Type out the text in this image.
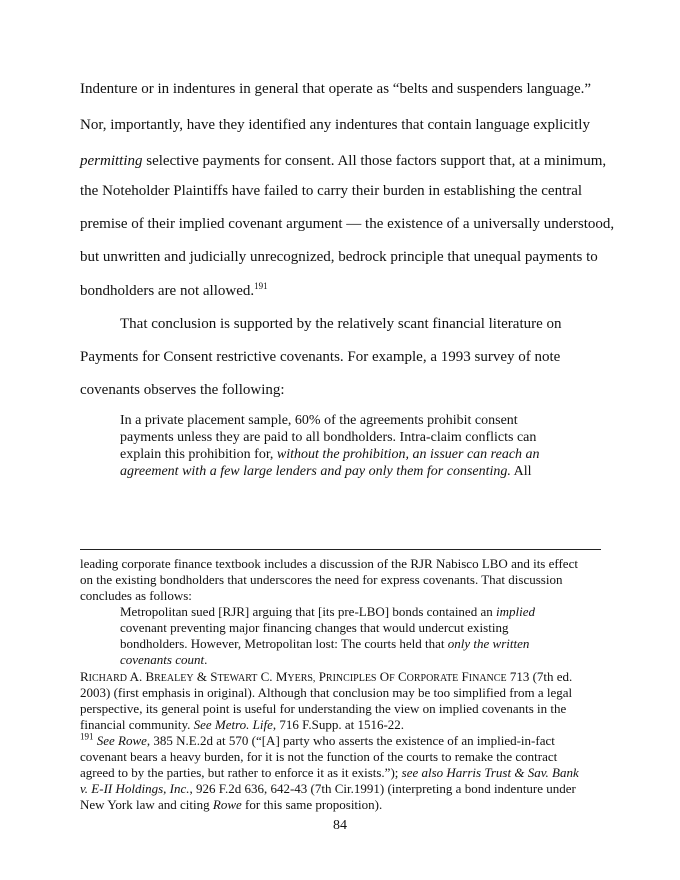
Indenture or in indentures in general that operate as “belts and suspenders language.”
Nor, importantly, have they identified any indentures that contain language explicitly
permitting selective payments for consent. All those factors support that, at a minimum,
the Noteholder Plaintiffs have failed to carry their burden in establishing the central
premise of their implied covenant argument — the existence of a universally understood,
but unwritten and judicially unrecognized, bedrock principle that unequal payments to
bondholders are not allowed.$^{191}$
That conclusion is supported by the relatively scant financial literature on
Payments for Consent restrictive covenants. For example, a 1993 survey of note
covenants observes the following:
In a private placement sample, 60% of the agreements prohibit consent
payments unless they are paid to all bondholders. Intra-claim conflicts can
explain this prohibition for, without the prohibition, an issuer can reach an
agreement with a few large lenders and pay only them for consenting. All
leading corporate finance textbook includes a discussion of the RJR Nabisco LBO and its effect
on the existing bondholders that underscores the need for express covenants. That discussion
concludes as follows:
Metropolitan sued [RJR] arguing that [its pre-LBO] bonds contained an implied
covenant preventing major financing changes that would undercut existing
bondholders. However, Metropolitan lost: The courts held that only the written
covenants count.
RICHARD A. BREALEY & STEWART C. MYERS, PRINCIPLES OF CORPORATE FINANCE 713 (7th ed.
2003) (first emphasis in original). Although that conclusion may be too simplified from a legal
perspective, its general point is useful for understanding the view on implied covenants in the
financial community. See Metro. Life, 716 F.Supp. at 1516-22.
$^{191}$ See Rowe, 385 N.E.2d at 570 (“[A] party who asserts the existence of an implied-in-fact
covenant bears a heavy burden, for it is not the function of the courts to remake the contract
agreed to by the parties, but rather to enforce it as it exists.”); see also Harris Trust & Sav. Bank
v. E-II Holdings, Inc., 926 F.2d 636, 642-43 (7th Cir.1991) (interpreting a bond indenture under
New York law and citing Rowe for this same proposition).
84
